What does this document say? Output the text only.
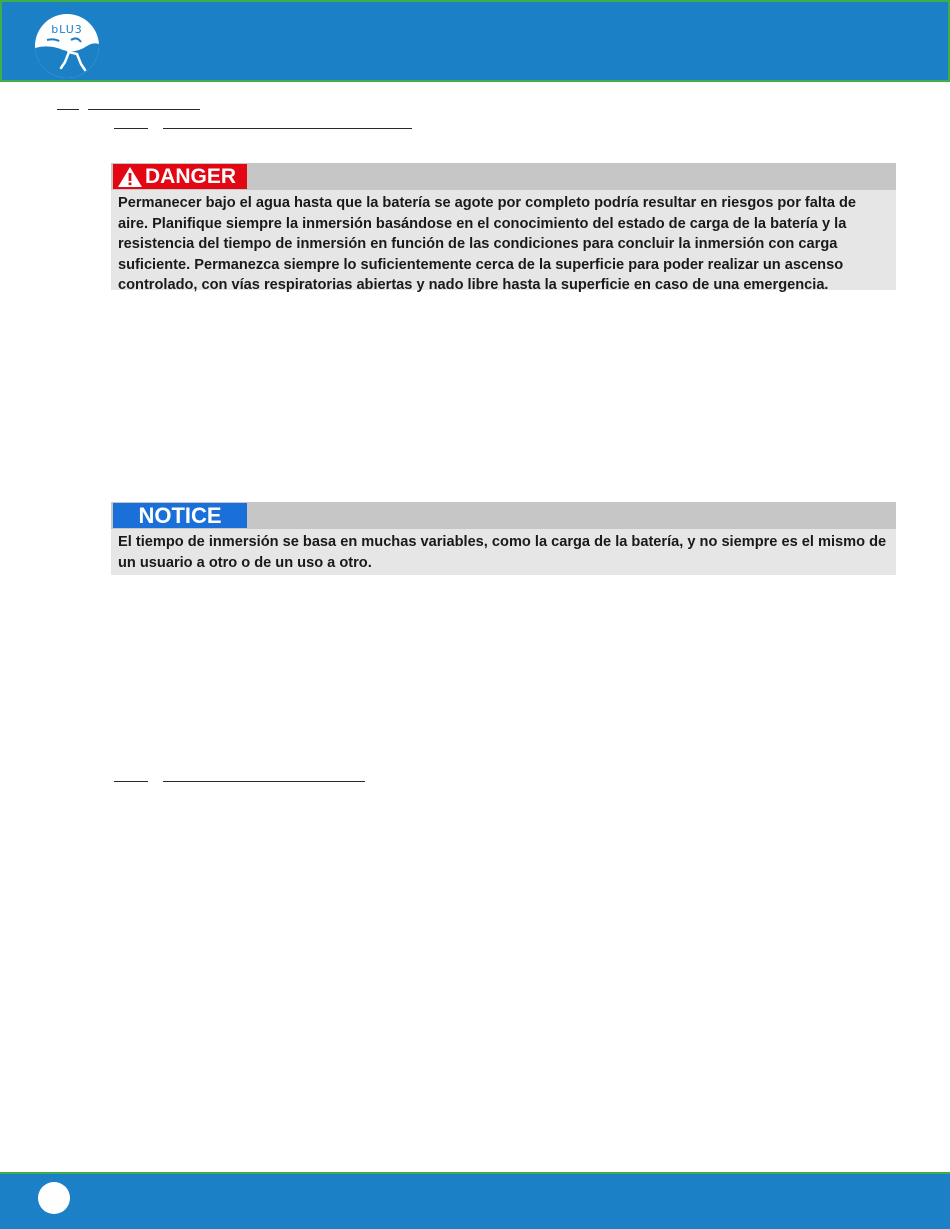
bLU3
DANGER
Permanecer bajo el agua hasta que la batería se agote por completo podría resultar en riesgos por falta de aire. Planifique siempre la inmersión basándose en el conocimiento del estado de carga de la batería y la resistencia del tiempo de inmersión en función de las condiciones para concluir la inmersión con carga suficiente. Permanezca siempre lo suficientemente cerca de la superficie para poder realizar un ascenso controlado, con vías respiratorias abiertas y nado libre hasta la superficie en caso de una emergencia.
NOTICE
El tiempo de inmersión se basa en muchas variables, como la carga de la batería, y no siempre es el mismo de un usuario a otro o de un uso a otro.
